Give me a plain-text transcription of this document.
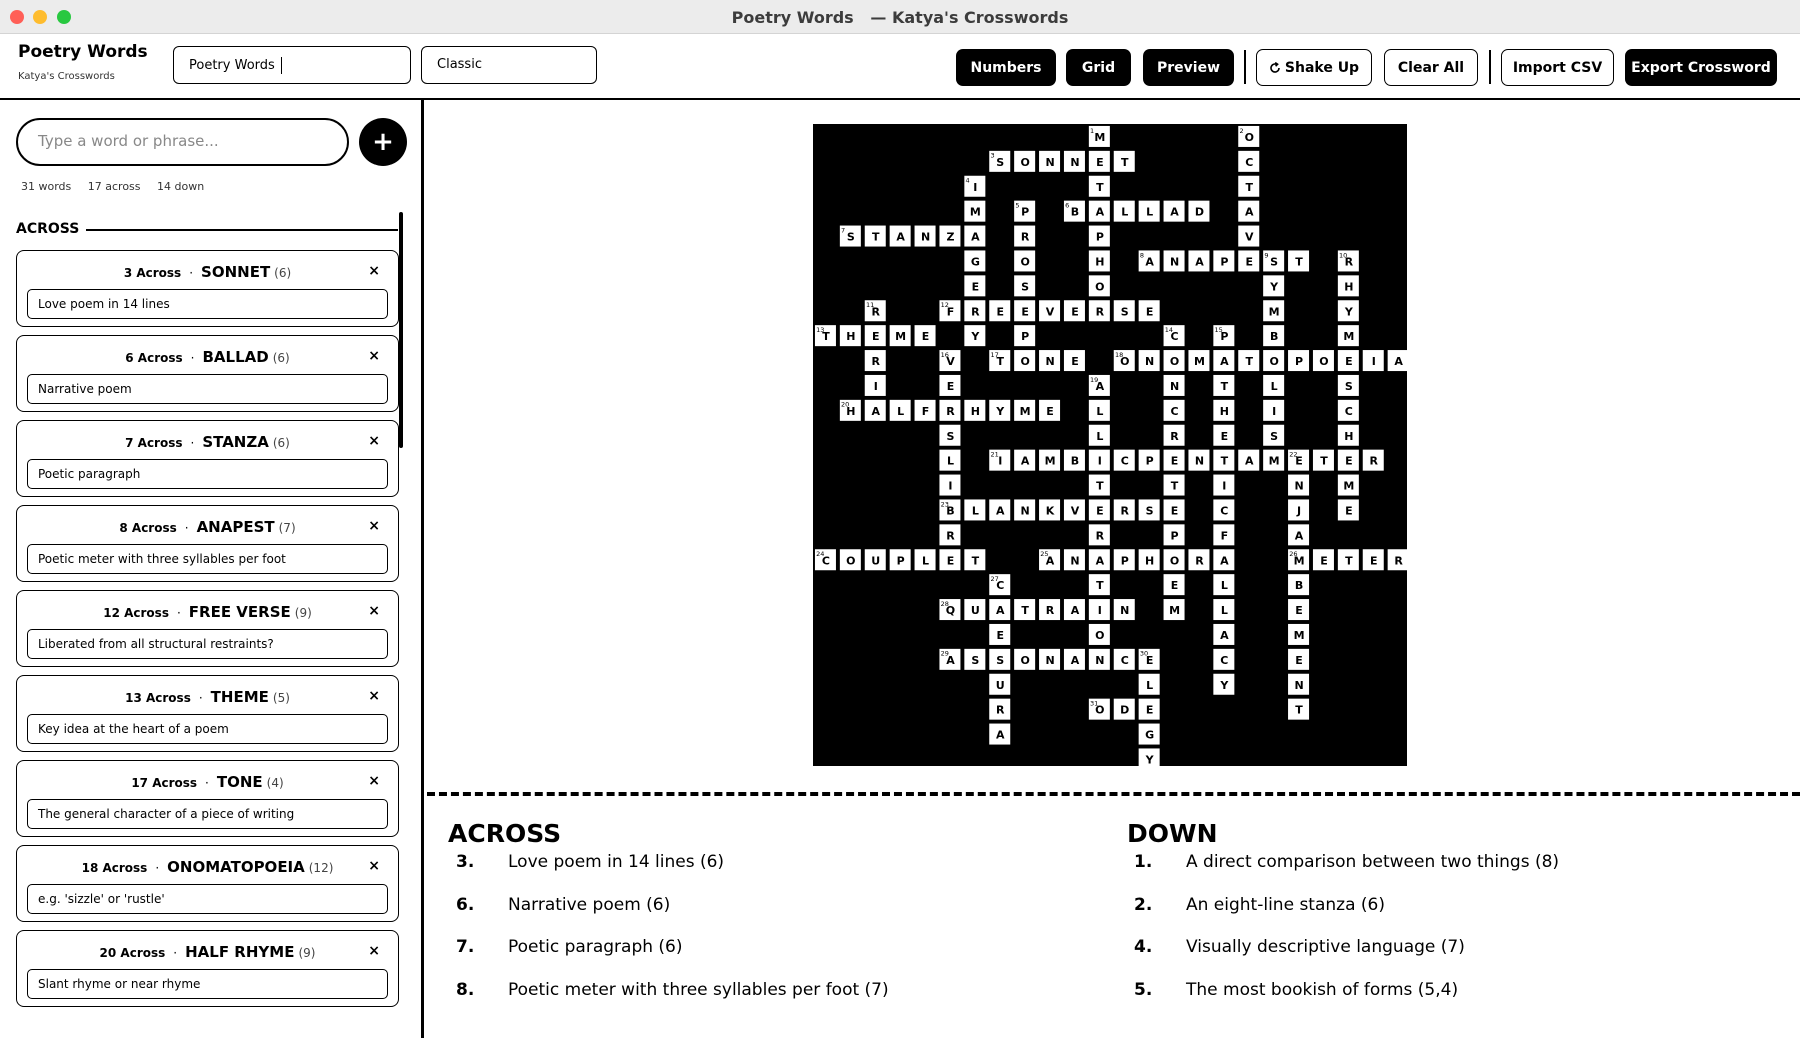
Poetry Words   — Katya's Crosswords
Poetry Words
Katya's Crosswords
Poetry Words	Classic	Numbers	Grid	Preview	Shake Up	Clear All	Import CSV Export Crossword
Type a word or phrase...	+
31 words 17 across 14 down
ACROSS
3 Across · SONNET (6)	×
Love poem in 14 lines
6 Across · BALLAD (6)	×
Narrative poem
7 Across · STANZA (6)	×
Poetic paragraph
8 Across · ANAPEST (7)	×
Poetic meter with three syllables per foot
12 Across · FREE VERSE (9)	×
Liberated from all structural restraints?
13 Across · THEME (5)	×
Key idea at the heart of a poem
17 Across · TONE (4)	×
The general character of a piece of writing
18 Across · ONOMATOPOEIA (12)	×
e.g. 'sizzle' or 'rustle'
20 Across · HALF RHYME (9)	×
Slant rhyme or near rhyme
S
3
O N N E T
B
6
A L L A D
S
7
T A N Z A
A
8
N A P E S
9
T
F
12
R E E V E R S E
T
13
H E M E
T
17
O N E	O
18
N O M A T O P O E I A
H
20
A L F R H Y M E
I
21
A M B I C P E N T A M E
22
T E R
B
23
L A N K V E R S E
C
24
O U P L E T	A
25
N A P H O R A	M
26
E T E R
Q
28
U A T R A I N
A
29
S S O N A N C E
30
O
31
D E
M
1
T
P
H
O
O
2
C
T
A
V
I
4
M
G
E
Y
P
5
R
O
S	Y
M
B
L
I
S
R
10
H
Y
M
S
C
H
M
E
R
11
R
I
C
14
N
C
R
T
P
15
T
H
E
I
C
F
L
L
A
C
Y
V
16
E
S
L
I
R
P
A
19
L
L
T
R
T
O
N
J
A
B
E
M
E
N
T
P
E
M
C
27
E
U
R
A
L
G
Y
ACROSS	DOWN
3.	Love poem in 14 lines (6)
6.	Narrative poem (6)
7.	Poetic paragraph (6)
8.	Poetic meter with three syllables per foot (7)
1.	A direct comparison between two things (8)
2.	An eight-line stanza (6)
4.	Visually descriptive language (7)
5.	The most bookish of forms (5,4)
